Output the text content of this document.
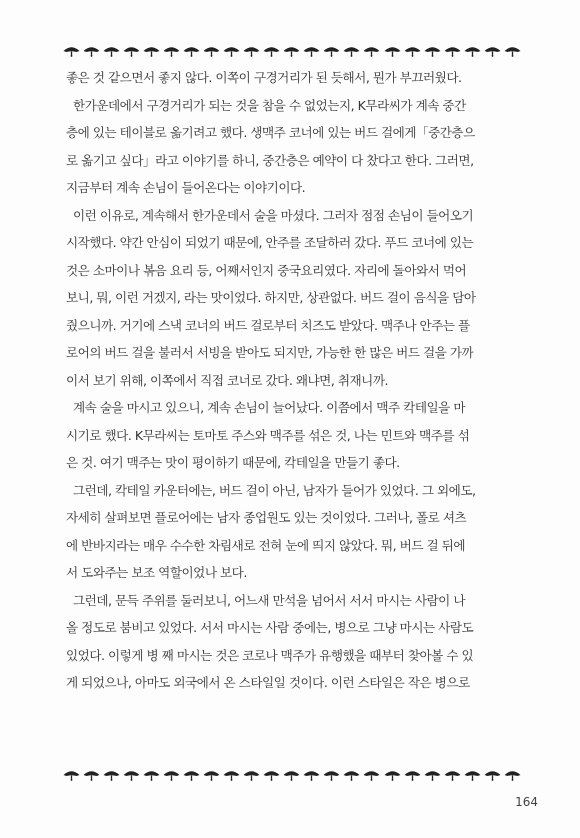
좋은 것 같으면서 좋지 않다. 이쪽이 구경거리가 된 듯해서, 뭔가 부끄러웠다.

한가운데에서 구경거리가 되는 것을 참을 수 없었는지, K무라씨가 계속 중간
층에 있는 테이블로 옮기려고 했다. 생맥주 코너에 있는 버드 걸에게「중간층으
로 옮기고 싶다」라고 이야기를 하니, 중간층은 예약이 다 찼다고 한다. 그러면,
지금부터 계속 손님이 들어온다는 이야기이다.

이런 이유로, 계속해서 한가운데서 술을 마셨다. 그러자 점점 손님이 들어오기
시작했다. 약간 안심이 되었기 때문에, 안주를 조달하러 갔다. 푸드 코너에 있는
것은 소마이나 볶음 요리 등, 어째서인지 중국요리였다. 자리에 돌아와서 먹어
보니, 뭐, 이런 거겠지, 라는 맛이었다. 하지만, 상관없다. 버드 걸이 음식을 담아
줬으니까. 거기에 스낵 코너의 버드 걸로부터 치즈도 받았다. 맥주나 안주는 플
로어의 버드 걸을 불러서 서빙을 받아도 되지만, 가능한 한 많은 버드 걸을 가까
이서 보기 위해, 이쪽에서 직접 코너로 갔다. 왜냐면, 취재니까.

계속 술을 마시고 있으니, 계속 손님이 늘어났다. 이쯤에서 맥주 칵테일을 마
시기로 했다. K무라씨는 토마토 주스와 맥주를 섞은 것, 나는 민트와 맥주를 섞
은 것. 여기 맥주는 맛이 평이하기 때문에, 칵테일을 만들기 좋다.

그런데, 칵테일 카운터에는, 버드 걸이 아닌, 남자가 들어가 있었다. 그 외에도,
자세히 살펴보면 플로어에는 남자 종업원도 있는 것이었다. 그러나, 폴로 셔츠
에 반바지라는 매우 수수한 차림새로 전혀 눈에 띄지 않았다. 뭐, 버드 걸 뒤에
서 도와주는 보조 역할이었나 보다.

그런데, 문득 주위를 둘러보니, 어느새 만석을 넘어서 서서 마시는 사람이 나
올 정도로 붐비고 있었다. 서서 마시는 사람 중에는, 병으로 그냥 마시는 사람도
있었다. 이렇게 병 째 마시는 것은 코로나 맥주가 유행했을 때부터 찾아볼 수 있
게 되었으나, 아마도 외국에서 온 스타일일 것이다. 이런 스타일은 작은 병으로

164
